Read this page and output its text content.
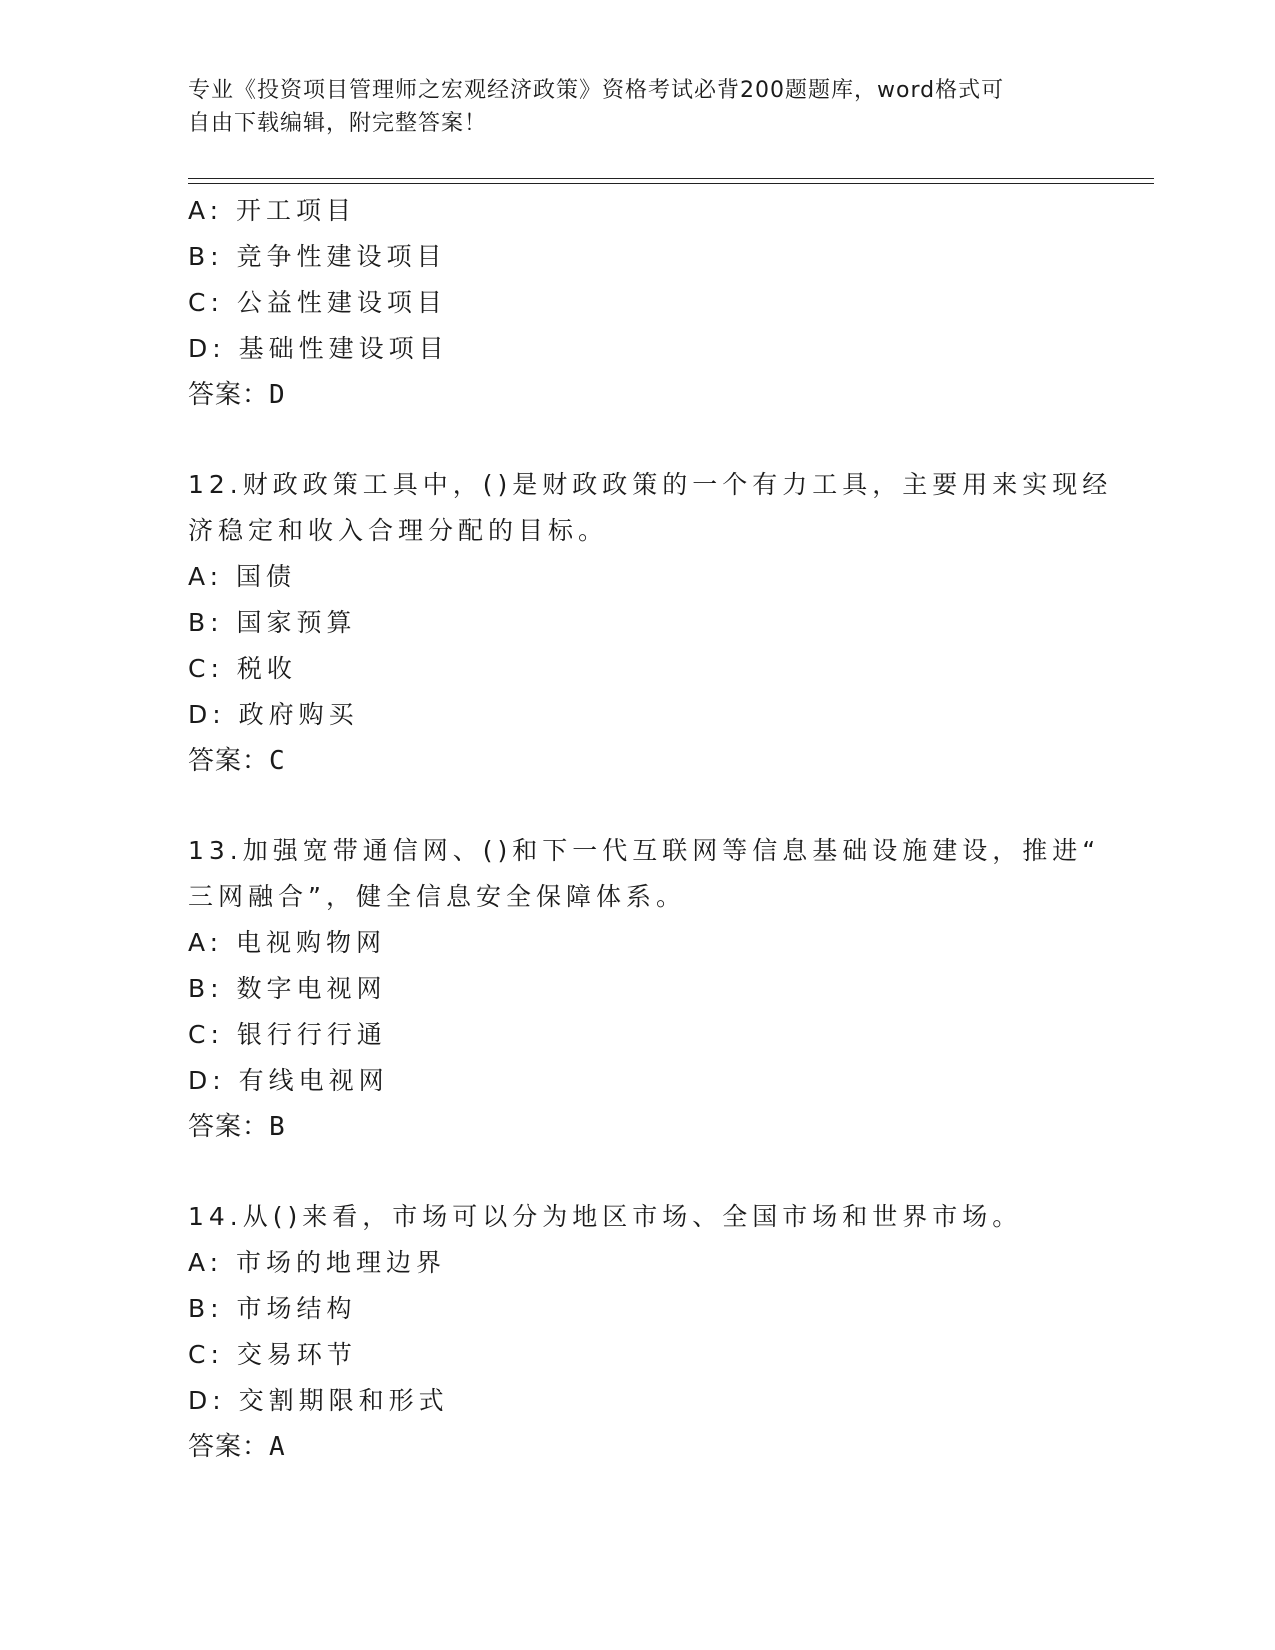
专业《投资项目管理师之宏观经济政策》资格考试必背200题题库，word格式可
自由下载编辑，附完整答案！
A: 开工项目
B: 竞争性建设项目
C: 公益性建设项目
D: 基础性建设项目
答案：D
12.财政政策工具中，()是财政政策的一个有力工具，主要用来实现经
济稳定和收入合理分配的目标。
A: 国债
B: 国家预算
C: 税收
D: 政府购买
答案：C
13.加强宽带通信网、()和下一代互联网等信息基础设施建设，推进“
三网融合”，健全信息安全保障体系。
A: 电视购物网
B: 数字电视网
C: 银行行行通
D: 有线电视网
答案：B
14.从()来看，市场可以分为地区市场、全国市场和世界市场。
A: 市场的地理边界
B: 市场结构
C: 交易环节
D: 交割期限和形式
答案：A
